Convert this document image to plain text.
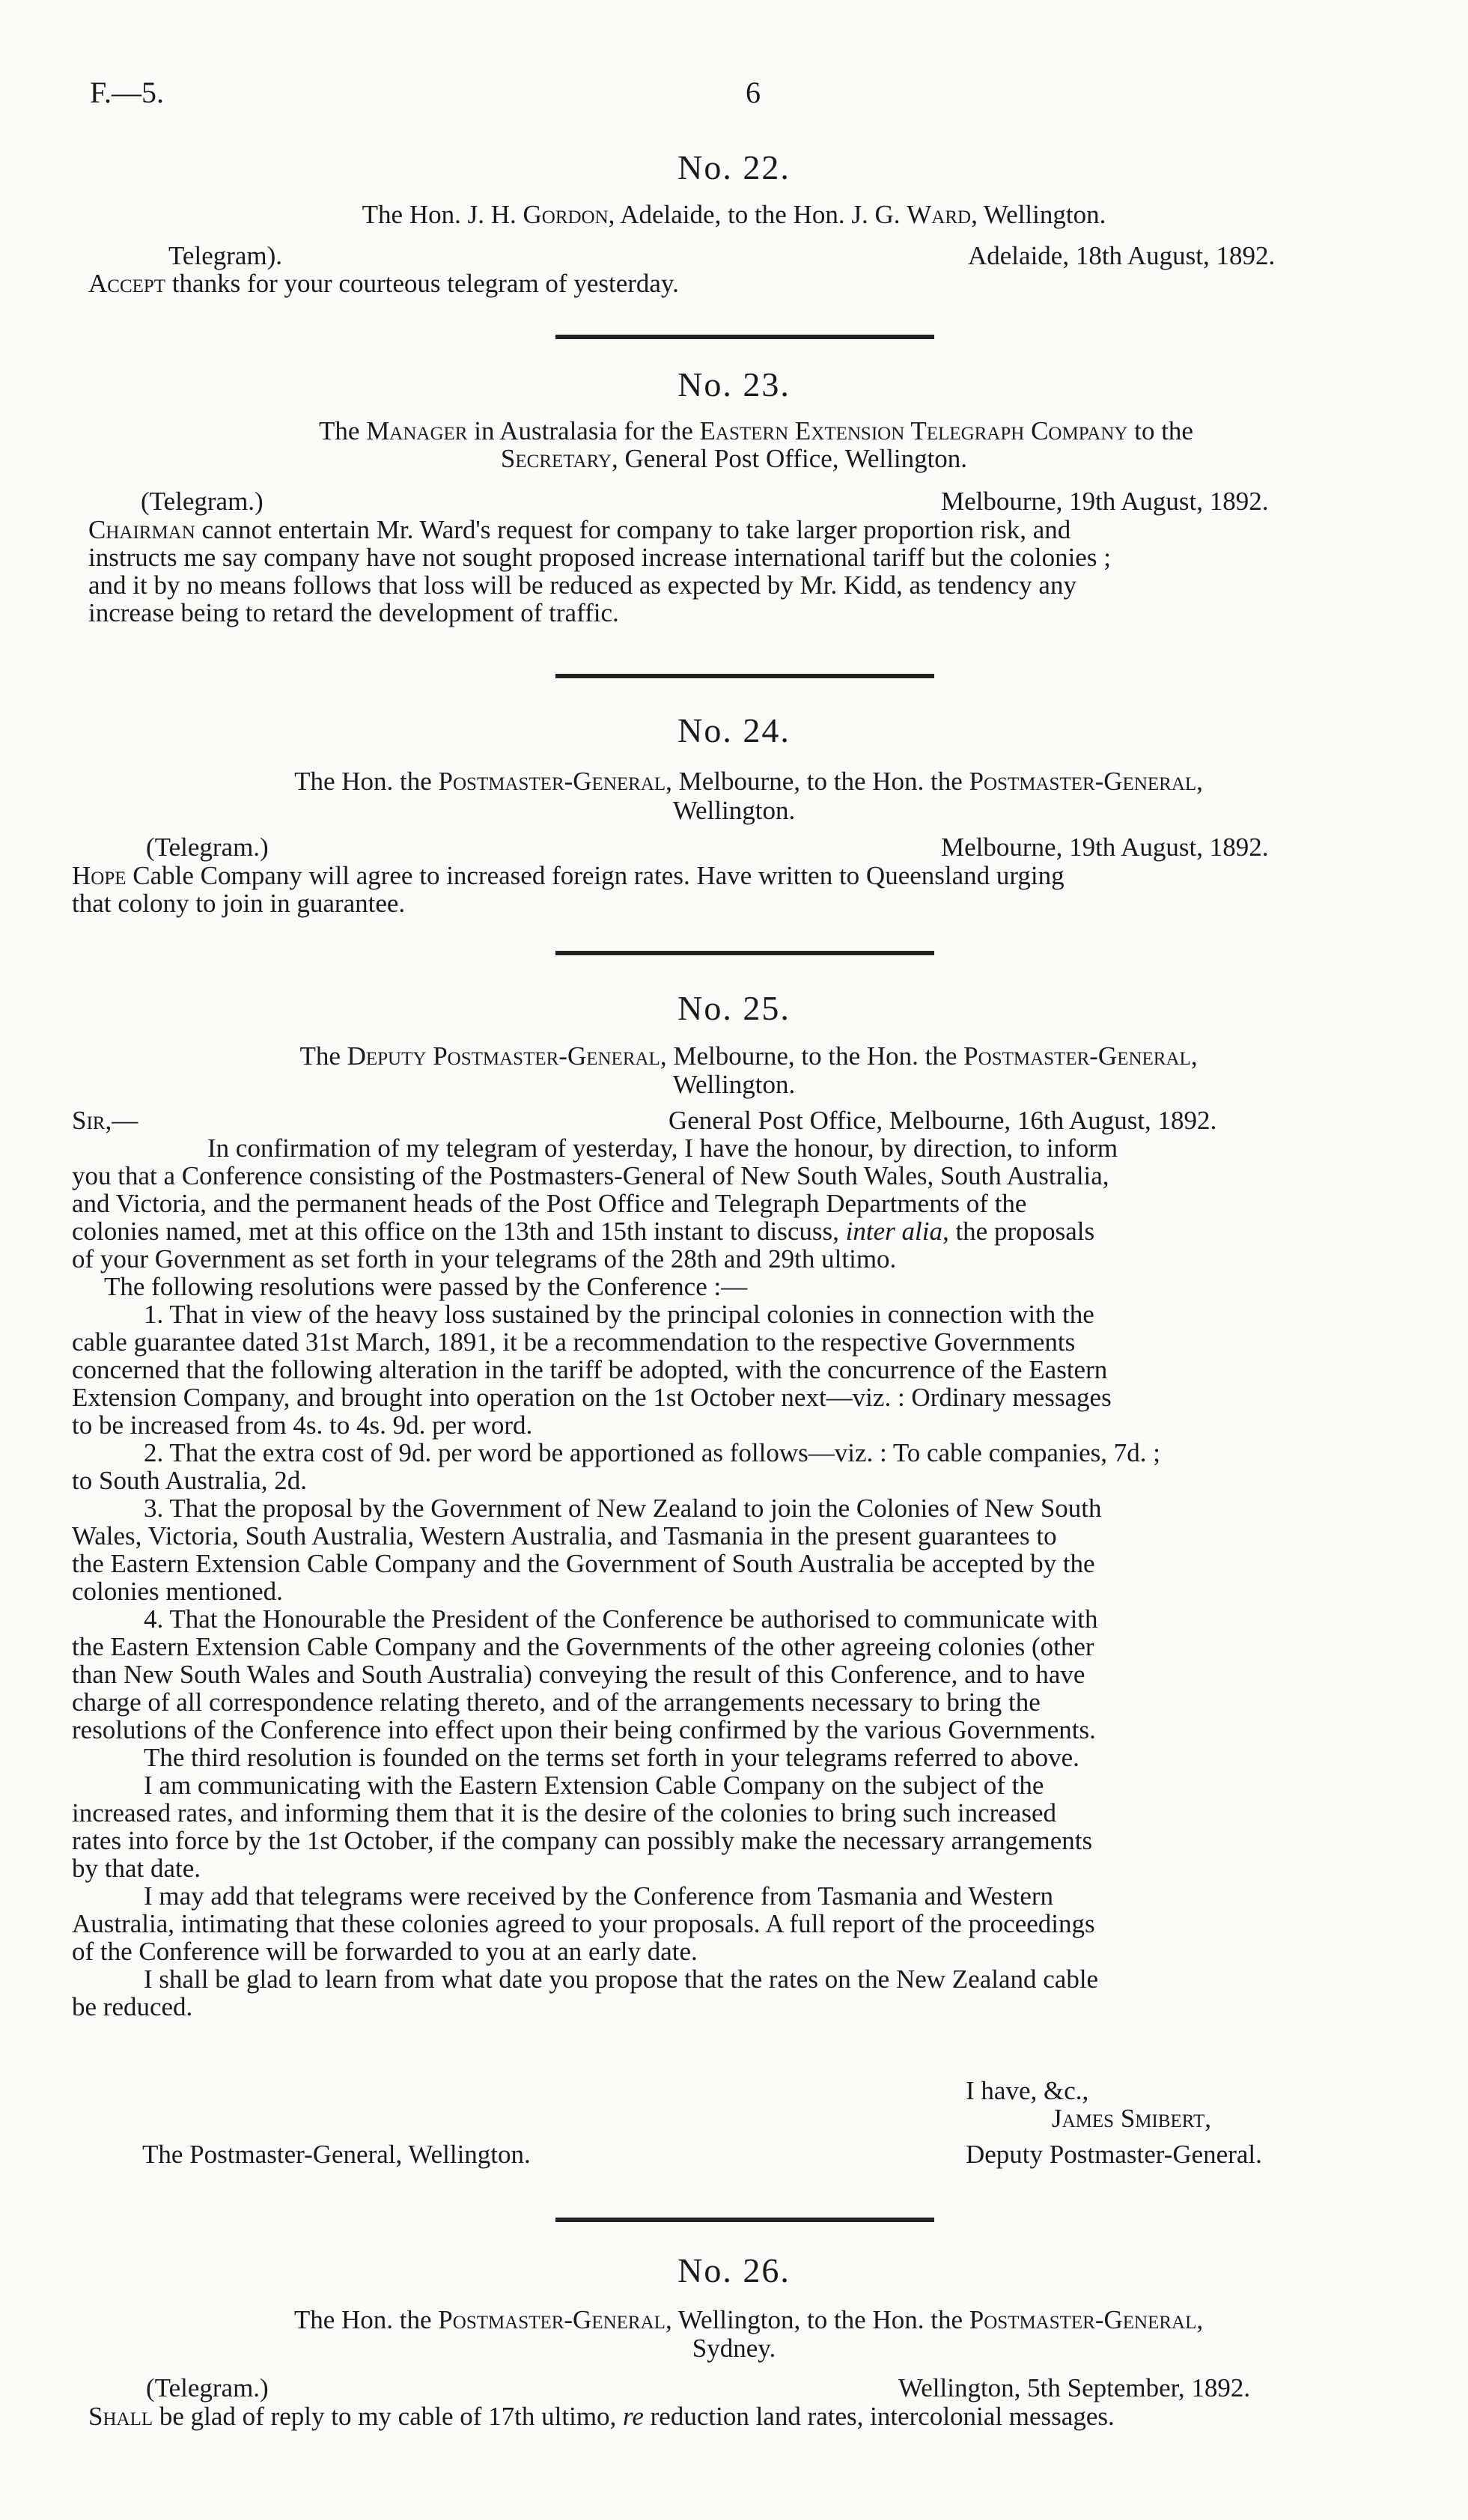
F.—5.	6
No. 22.
The Hon. J. H. Gordon, Adelaide, to the Hon. J. G. Ward, Wellington.
Telegram).	Adelaide, 18th August, 1892.
Accept thanks for your courteous telegram of yesterday.
No. 23.
The Manager in Australasia for the Eastern Extension Telegraph Company to the
Secretary, General Post Office, Wellington.
(Telegram.)	Melbourne, 19th August, 1892.

Chairman cannot entertain Mr. Ward's request for company to take larger proportion risk, and

instructs me say company have not sought proposed increase international tariff but the colonies ;

and it by no means follows that loss will be reduced as expected by Mr. Kidd, as tendency any

increase being to retard the development of traffic.

No. 24.
The Hon. the Postmaster-General, Melbourne, to the Hon. the Postmaster-General,
Wellington.
(Telegram.)	Melbourne, 19th August, 1892.

Hope Cable Company will agree to increased foreign rates. Have written to Queensland urging

that colony to join in guarantee.

No. 25.
The Deputy Postmaster-General, Melbourne, to the Hon. the Postmaster-General,
Wellington.
Sir,—	General Post Office, Melbourne, 16th August, 1892.

In confirmation of my telegram of yesterday, I have the honour, by direction, to inform

you that a Conference consisting of the Postmasters-General of New South Wales, South Australia,

and Victoria, and the permanent heads of the Post Office and Telegraph Departments of the

colonies named, met at this office on the 13th and 15th instant to discuss, inter alia, the proposals

of your Government as set forth in your telegrams of the 28th and 29th ultimo.

The following resolutions were passed by the Conference :—

1. That in view of the heavy loss sustained by the principal colonies in connection with the

cable guarantee dated 31st March, 1891, it be a recommendation to the respective Governments

concerned that the following alteration in the tariff be adopted, with the concurrence of the Eastern

Extension Company, and brought into operation on the 1st October next—viz. : Ordinary messages

to be increased from 4s. to 4s. 9d. per word.

2. That the extra cost of 9d. per word be apportioned as follows—viz. : To cable companies, 7d. ;

to South Australia, 2d.

3. That the proposal by the Government of New Zealand to join the Colonies of New South

Wales, Victoria, South Australia, Western Australia, and Tasmania in the present guarantees to

the Eastern Extension Cable Company and the Government of South Australia be accepted by the

colonies mentioned.

4. That the Honourable the President of the Conference be authorised to communicate with

the Eastern Extension Cable Company and the Governments of the other agreeing colonies (other

than New South Wales and South Australia) conveying the result of this Conference, and to have

charge of all correspondence relating thereto, and of the arrangements necessary to bring the

resolutions of the Conference into effect upon their being confirmed by the various Governments.

The third resolution is founded on the terms set forth in your telegrams referred to above.

I am communicating with the Eastern Extension Cable Company on the subject of the

increased rates, and informing them that it is the desire of the colonies to bring such increased

rates into force by the 1st October, if the company can possibly make the necessary arrangements

by that date.

I may add that telegrams were received by the Conference from Tasmania and Western

Australia, intimating that these colonies agreed to your proposals. A full report of the proceedings

of the Conference will be forwarded to you at an early date.

I shall be glad to learn from what date you propose that the rates on the New Zealand cable

be reduced.

I have, &c.,
James Smibert,
The Postmaster-General, Wellington.	Deputy Postmaster-General.
No. 26.
The Hon. the Postmaster-General, Wellington, to the Hon. the Postmaster-General,
Sydney.
(Telegram.)	Wellington, 5th September, 1892.
Shall be glad of reply to my cable of 17th ultimo, re reduction land rates, intercolonial messages.
